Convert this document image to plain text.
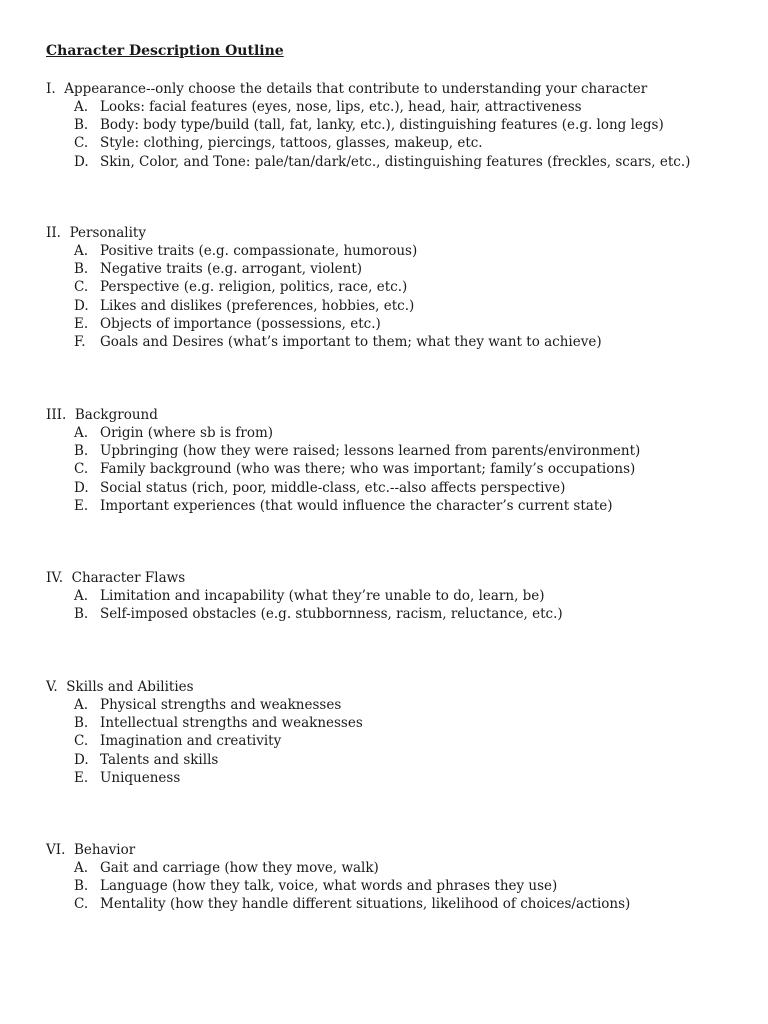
Character Description Outline
I. Appearance--only choose the details that contribute to understanding your character
A. Looks: facial features (eyes, nose, lips, etc.), head, hair, attractiveness
B. Body: body type/build (tall, fat, lanky, etc.), distinguishing features (e.g. long legs)
C. Style: clothing, piercings, tattoos, glasses, makeup, etc.
D. Skin, Color, and Tone: pale/tan/dark/etc., distinguishing features (freckles, scars, etc.)
II. Personality
A. Positive traits (e.g. compassionate, humorous)
B. Negative traits (e.g. arrogant, violent)
C. Perspective (e.g. religion, politics, race, etc.)
D. Likes and dislikes (preferences, hobbies, etc.)
E. Objects of importance (possessions, etc.)
F. Goals and Desires (what’s important to them; what they want to achieve)
III. Background
A. Origin (where sb is from)
B. Upbringing (how they were raised; lessons learned from parents/environment)
C. Family background (who was there; who was important; family’s occupations)
D. Social status (rich, poor, middle-class, etc.--also affects perspective)
E. Important experiences (that would influence the character’s current state)
IV. Character Flaws
A. Limitation and incapability (what they’re unable to do, learn, be)
B. Self-imposed obstacles (e.g. stubbornness, racism, reluctance, etc.)
V. Skills and Abilities
A. Physical strengths and weaknesses
B. Intellectual strengths and weaknesses
C. Imagination and creativity
D. Talents and skills
E. Uniqueness
VI. Behavior
A. Gait and carriage (how they move, walk)
B. Language (how they talk, voice, what words and phrases they use)
C. Mentality (how they handle different situations, likelihood of choices/actions)
